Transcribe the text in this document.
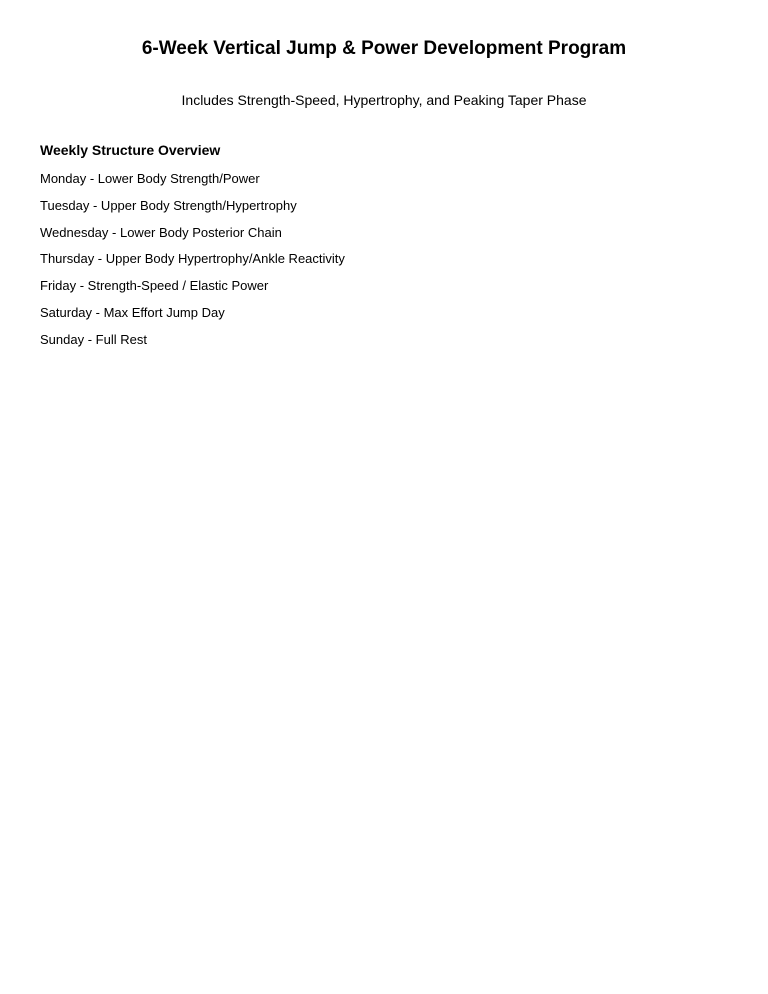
6-Week Vertical Jump & Power Development Program

Includes Strength-Speed, Hypertrophy, and Peaking Taper Phase

Weekly Structure Overview
Monday - Lower Body Strength/Power
Tuesday - Upper Body Strength/Hypertrophy
Wednesday - Lower Body Posterior Chain
Thursday - Upper Body Hypertrophy/Ankle Reactivity
Friday - Strength-Speed / Elastic Power
Saturday - Max Effort Jump Day
Sunday - Full Rest
